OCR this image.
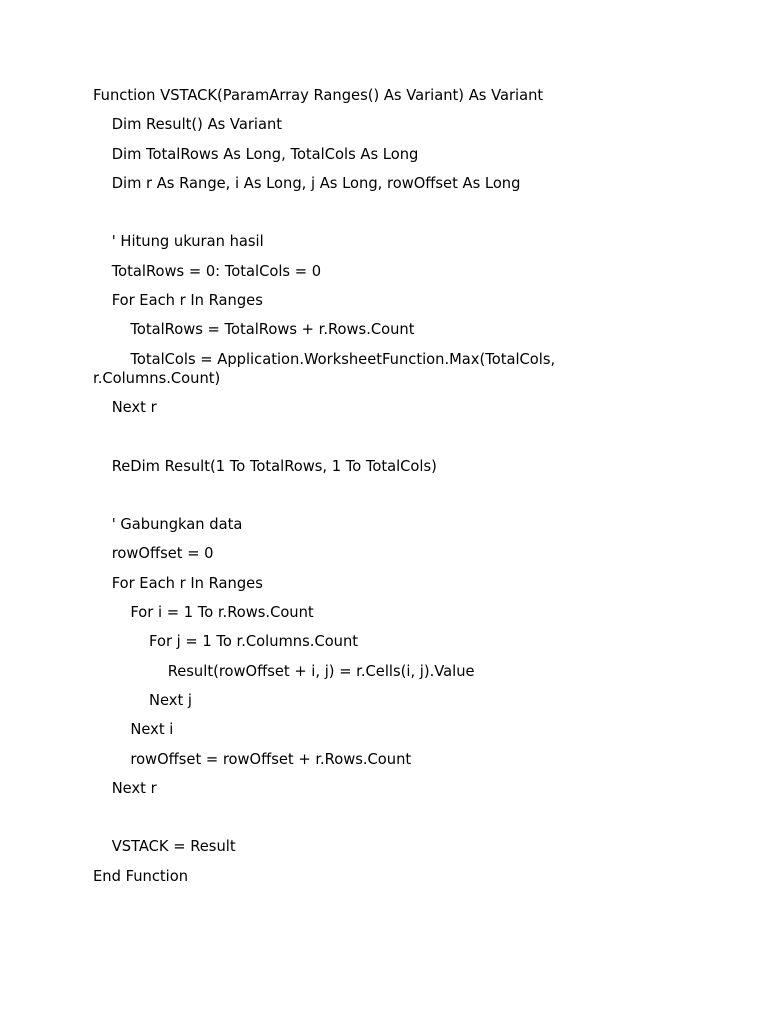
Function VSTACK(ParamArray Ranges() As Variant) As Variant
Dim Result() As Variant
Dim TotalRows As Long, TotalCols As Long
Dim r As Range, i As Long, j As Long, rowOffset As Long
' Hitung ukuran hasil
TotalRows = 0: TotalCols = 0
For Each r In Ranges
TotalRows = TotalRows + r.Rows.Count
TotalCols = Application.WorksheetFunction.Max(TotalCols, r.Columns.Count)
Next r
ReDim Result(1 To TotalRows, 1 To TotalCols)
' Gabungkan data
rowOffset = 0
For Each r In Ranges
For i = 1 To r.Rows.Count
For j = 1 To r.Columns.Count
Result(rowOffset + i, j) = r.Cells(i, j).Value
Next j
Next i
rowOffset = rowOffset + r.Rows.Count
Next r
VSTACK = Result
End Function
